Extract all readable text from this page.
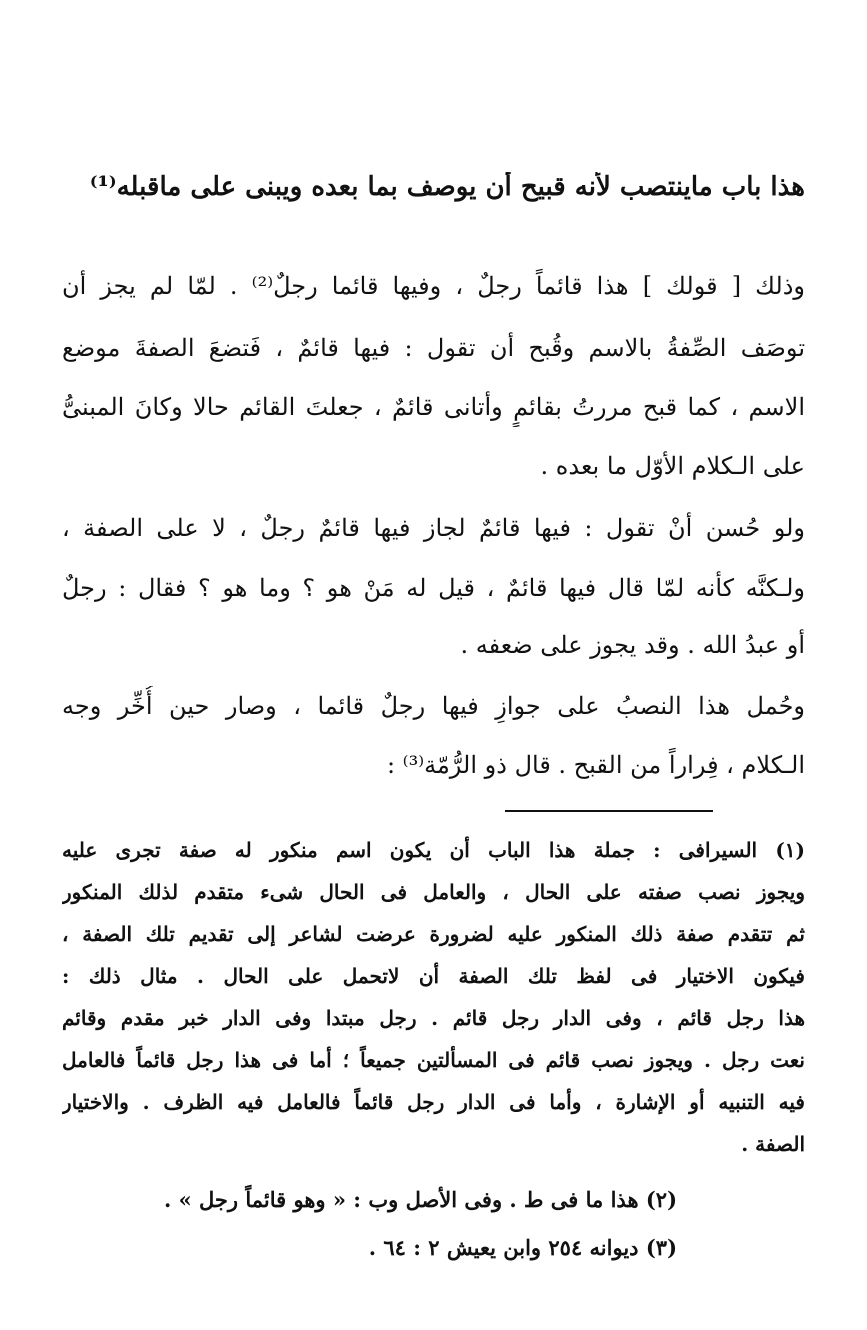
هذا باب ماينتصب لأنه قبيح أن يوصف بما بعده ويبنى على ماقبله⁽¹⁾
وذلك [ قولك ] هذا قائماً رجلٌ ، وفيها قائما رجلٌ⁽²⁾ . لمّا لم يجز أن
توصَف الصِّفةُ بالاسم وقُبح أن تقول : فيها قائمٌ ، فَتضعَ الصفةَ موضع
الاسم ، كما قبح مررتُ بقائمٍ وأتانى قائمٌ ، جعلتَ القائم حالا وكانَ المبنىُّ
على الـكلام الأوّل ما بعده .
ولو حُسن أنْ تقول : فيها قائمٌ لجاز فيها قائمٌ رجلٌ ، لا على الصفة ،
ولـكنَّه كأنه لمّا قال فيها قائمٌ ، قيل له مَنْ هو ؟ وما هو ؟ فقال : رجلٌ
أو عبدُ الله . وقد يجوز على ضعفه .
وحُمل هذا النصبُ على جوازِ فيها رجلٌ قائما ، وصار حين أُخِّر وجه
الـكلام ، فِراراً من القبح . قال ذو الرُّمّة⁽³⁾ :
(١) السيرافى : جملة هذا الباب أن يكون اسم منكور له صفة تجرى عليه
ويجوز نصب صفته على الحال ، والعامل فى الحال شىء متقدم لذلك المنكور
ثم تتقدم صفة ذلك المنكور عليه لضرورة عرضت لشاعر إلى تقديم تلك الصفة ،
فيكون الاختيار فى لفظ تلك الصفة أن لاتحمل على الحال . مثال ذلك :
هذا رجل قائم ، وفى الدار رجل قائم . رجل مبتدا وفى الدار خبر مقدم وقائم
نعت رجل . ويجوز نصب قائم فى المسألتين جميعاً ؛ أما فى هذا رجل قائماً فالعامل
فيه التنبيه أو الإشارة ، وأما فى الدار رجل قائماً فالعامل فيه الظرف . والاختيار
الصفة .
(٢) هذا ما فى ط . وفى الأصل وب : « وهو قائماً رجل » .
(٣) ديوانه ٢٥٤ وابن يعيش ٢ : ٦٤ .
